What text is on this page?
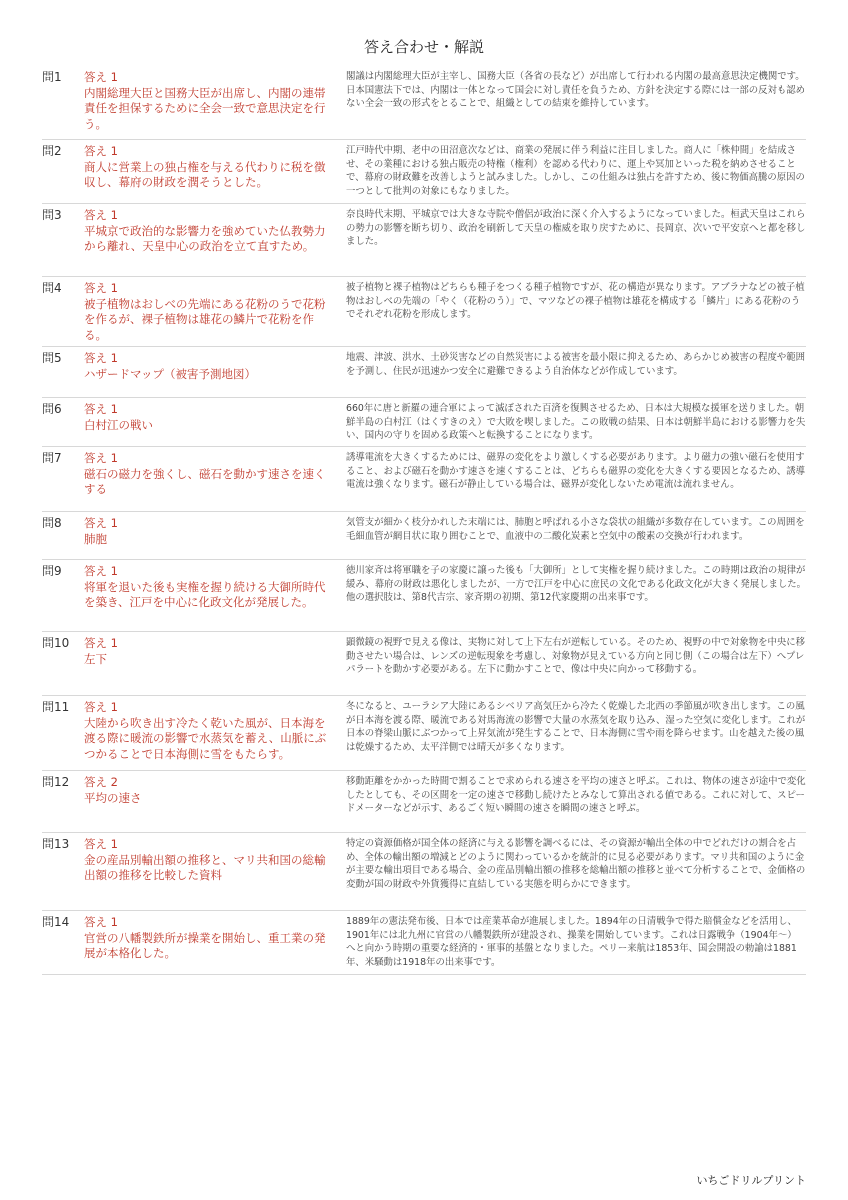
答え合わせ・解説
問1	答え 1
内閣総理大臣と国務大臣が出席し、内閣の連帯責任を担保するために全会一致で意思決定を行う。
閣議は内閣総理大臣が主宰し、国務大臣（各省の長など）が出席して行われる内閣の最高意思決定機関です。日本国憲法下では、内閣は一体となって国会に対し責任を負うため、方針を決定する際には一部の反対も認めない全会一致の形式をとることで、組織としての結束を維持しています。
問2	答え 1
商人に営業上の独占権を与える代わりに税を徴収し、幕府の財政を潤そうとした。
江戸時代中期、老中の田沼意次などは、商業の発展に伴う利益に注目しました。商人に「株仲間」を結成させ、その業種における独占販売の特権（権利）を認める代わりに、運上や冥加といった税を納めさせることで、幕府の財政難を改善しようと試みました。しかし、この仕組みは独占を許すため、後に物価高騰の原因の一つとして批判の対象にもなりました。
問3	答え 1
平城京で政治的な影響力を強めていた仏教勢力から離れ、天皇中心の政治を立て直すため。
奈良時代末期、平城京では大きな寺院や僧侶が政治に深く介入するようになっていました。桓武天皇はこれらの勢力の影響を断ち切り、政治を刷新して天皇の権威を取り戻すために、長岡京、次いで平安京へと都を移しました。
問4	答え 1
被子植物はおしべの先端にある花粉のうで花粉を作るが、裸子植物は雄花の鱗片で花粉を作る。
被子植物と裸子植物はどちらも種子をつくる種子植物ですが、花の構造が異なります。アブラナなどの被子植物はおしべの先端の「やく（花粉のう）」で、マツなどの裸子植物は雄花を構成する「鱗片」にある花粉のうでそれぞれ花粉を形成します。
問5	答え 1
ハザードマップ（被害予測地図）
地震、津波、洪水、土砂災害などの自然災害による被害を最小限に抑えるため、あらかじめ被害の程度や範囲を予測し、住民が迅速かつ安全に避難できるよう自治体などが作成しています。
問6	答え 1
白村江の戦い
660年に唐と新羅の連合軍によって滅ぼされた百済を復興させるため、日本は大規模な援軍を送りました。朝鮮半島の白村江（はくすきのえ）で大敗を喫しました。この敗戦の結果、日本は朝鮮半島における影響力を失い、国内の守りを固める政策へと転換することになります。
問7	答え 1
磁石の磁力を強くし、磁石を動かす速さを速くする
誘導電流を大きくするためには、磁界の変化をより激しくする必要があります。より磁力の強い磁石を使用すること、および磁石を動かす速さを速くすることは、どちらも磁界の変化を大きくする要因となるため、誘導電流は強くなります。磁石が静止している場合は、磁界が変化しないため電流は流れません。
問8	答え 1
肺胞
気管支が細かく枝分かれした末端には、肺胞と呼ばれる小さな袋状の組織が多数存在しています。この周囲を毛細血管が網目状に取り囲むことで、血液中の二酸化炭素と空気中の酸素の交換が行われます。
問9	答え 1
将軍を退いた後も実権を握り続ける大御所時代を築き、江戸を中心に化政文化が発展した。
徳川家斉は将軍職を子の家慶に譲った後も「大御所」として実権を握り続けました。この時期は政治の規律が緩み、幕府の財政は悪化しましたが、一方で江戸を中心に庶民の文化である化政文化が大きく発展しました。他の選択肢は、第8代吉宗、家斉期の初期、第12代家慶期の出来事です。
問10	答え 1
左下
顕微鏡の視野で見える像は、実物に対して上下左右が逆転している。そのため、視野の中で対象物を中央に移動させたい場合は、レンズの逆転現象を考慮し、対象物が見えている方向と同じ側（この場合は左下）へプレパラートを動かす必要がある。左下に動かすことで、像は中央に向かって移動する。
問11	答え 1
大陸から吹き出す冷たく乾いた風が、日本海を渡る際に暖流の影響で水蒸気を蓄え、山脈にぶつかることで日本海側に雪をもたらす。
冬になると、ユーラシア大陸にあるシベリア高気圧から冷たく乾燥した北西の季節風が吹き出します。この風が日本海を渡る際、暖流である対馬海流の影響で大量の水蒸気を取り込み、湿った空気に変化します。これが日本の脊梁山脈にぶつかって上昇気流が発生することで、日本海側に雪や雨を降らせます。山を越えた後の風は乾燥するため、太平洋側では晴天が多くなります。
問12	答え 2
平均の速さ
移動距離をかかった時間で割ることで求められる速さを平均の速さと呼ぶ。これは、物体の速さが途中で変化したとしても、その区間を一定の速さで移動し続けたとみなして算出される値である。これに対して、スピードメーターなどが示す、あるごく短い瞬間の速さを瞬間の速さと呼ぶ。
問13	答え 1
金の産品別輸出額の推移と、マリ共和国の総輸出額の推移を比較した資料
特定の資源価格が国全体の経済に与える影響を調べるには、その資源が輸出全体の中でどれだけの割合を占め、全体の輸出額の増減とどのように関わっているかを統計的に見る必要があります。マリ共和国のように金が主要な輸出項目である場合、金の産品別輸出額の推移を総輸出額の推移と並べて分析することで、金価格の変動が国の財政や外貨獲得に直結している実態を明らかにできます。
問14	答え 1
官営の八幡製鉄所が操業を開始し、重工業の発展が本格化した。
1889年の憲法発布後、日本では産業革命が進展しました。1894年の日清戦争で得た賠償金などを活用し、1901年には北九州に官営の八幡製鉄所が建設され、操業を開始しています。これは日露戦争（1904年～）へと向かう時期の重要な経済的・軍事的基盤となりました。ペリー来航は1853年、国会開設の勅諭は1881年、米騒動は1918年の出来事です。
いちごドリルプリント
